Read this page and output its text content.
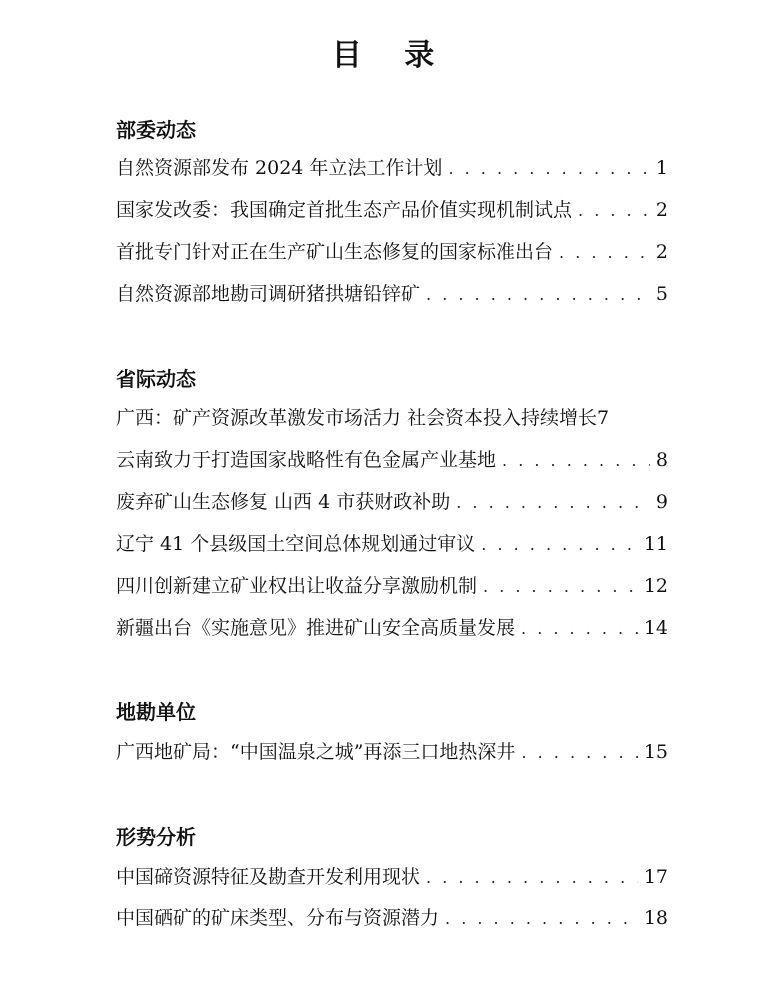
目 录
部委动态
自然资源部发布 2024 年立法工作计划 . . .	1
国家发改委：我国确定首批生态产品价值实现机制试点 . . .	2
首批专门针对正在生产矿山生态修复的国家标准出台 . . .	2
自然资源部地勘司调研猪拱塘铅锌矿 . . .	5
省际动态
广西：矿产资源改革激发市场活力 社会资本投入持续增长 7
云南致力于打造国家战略性有色金属产业基地 . . .	8
废弃矿山生态修复 山西 4 市获财政补助 . . .	9
辽宁 41 个县级国土空间总体规划通过审议 . . .	11
四川创新建立矿业权出让收益分享激励机制 . . .	12
新疆出台《实施意见》推进矿山安全高质量发展 . . .	14
地勘单位
广西地矿局：“中国温泉之城”再添三口地热深井 . . .	15
形势分析
中国碲资源特征及勘查开发利用现状 . . .	17
中国硒矿的矿床类型、分布与资源潜力 . . .	18
